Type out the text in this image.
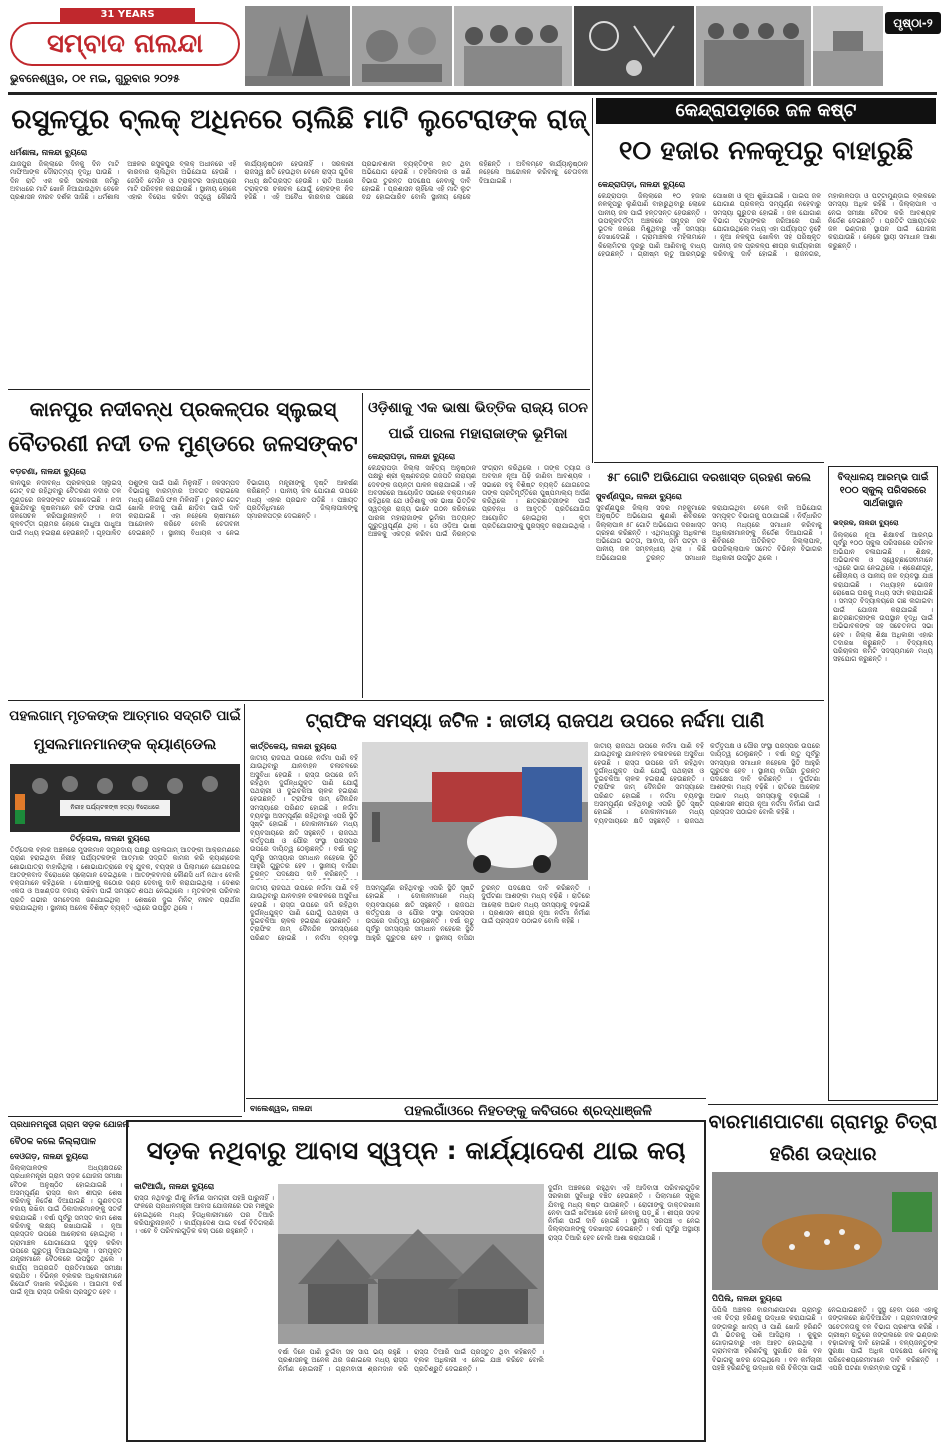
31 YEARS
ସମ୍ବାଦ ନାଲନ୍ଦା
ଭୁବନେଶ୍ୱର, ୦୧ ମଇ, ଗୁରୁବାର ୨୦୨୫
ପୃଷ୍ଠା-୨
ରସୁଳପୁର ବ୍ଲକ୍ ଅଧିନରେ ଚାଲିଛି ମାଟି ଲୁଟେରାଙ୍କ ରାଜ୍
ଧର୍ମଶାଳା, ନାଳନ୍ଦା ବ୍ୟୁରୋ
ଯାଜପୁର ଜିଲ୍ଲାରେ ଦିନକୁ ଦିନ ମାଟି ମାଫିଆଙ୍କ ଦୌରାତ୍ମ୍ୟ ବୃଦ୍ଧି ପାଉଛି । ଦିନ ରାତି ଏକ କରି ସରକାରୀ ଜମିରୁ ଅବାଧରେ ମାଟି ଖୋଳି ନିଆଯାଉଥିବା ବେଳେ ପ୍ରଶାସନ ନୀରବ ଦର୍ଶକ ସାଜିଛି । ଧର୍ମଶାଳା ଅଞ୍ଚଳର ରସୁଳପୁର ବ୍ଲକ୍ ଅଧୀନରେ ଏହି କାରବାର ଚାଲିଥିବା ଅଭିଯୋଗ ହେଉଛି । ଜେସିବି ମେସିନ ଓ ଟ୍ରାକ୍ଟର ସାହାଯ୍ୟରେ ମାଟି ପରିବହନ କରାଯାଉଛି । ସ୍ଥାନୀୟ ଲୋକେ ଏହାର ବିରୋଧ କରିବା ସତ୍ତ୍ୱେ କୌଣସି କାର୍ଯ୍ୟାନୁଷ୍ଠାନ ହେଉନାହିଁ । ସରକାରୀ ରାଜସ୍ୱ କ୍ଷତି ହେଉଥିବା ବେଳେ ରାସ୍ତା ଗୁଡିକ ମଧ୍ୟ କ୍ଷତିଗ୍ରସ୍ତ ହେଉଛି । ରାତି ଅଧରେ ଟ୍ରାକ୍ଟର ଚଳାଚଳ ଯୋଗୁଁ ଲୋକଙ୍କ ନିଦ ହଜିଛି । ଏହି ଅବୈଧ କାରବାର ପଛରେ ପ୍ରଭାବଶାଳୀ ବ୍ୟକ୍ତିଙ୍କ ହାତ ଥିବା ଅଭିଯୋଗ ହେଉଛି । ତହସିଲଦାର ଓ ଖଣି ବିଭାଗ ତୁରନ୍ତ ପଦକ୍ଷେପ ନେବାକୁ ଦାବି ହୋଇଛି । ପ୍ରଶାସନ ଚାହିଁଲେ ଏହି ମାଟି ଲୁଟ ବନ୍ଦ ହୋଇପାରିବ ବୋଲି ସ୍ଥାନୀୟ ଲୋକେ କହିଛନ୍ତି । ଅବିଳମ୍ବେ କାର୍ଯ୍ୟାନୁଷ୍ଠାନ ନହେଲେ ଆନ୍ଦୋଳନ କରିବାକୁ ଚେତାବନୀ ଦିଆଯାଇଛି ।
କେନ୍ଦ୍ରାପଡ଼ାରେ ଜଳ କଷ୍ଟ
୧୦ ହଜାର ନଳକୂପରୁ ବାହାରୁଛି
କେନ୍ଦ୍ରାପଡ଼ା, ନାଳନ୍ଦା ବ୍ୟୁରୋ
କେନ୍ଦ୍ରାପଡ଼ା ଜିଲ୍ଲାରେ ୧୦ ହଜାର ନଳକୂପରୁ ଲୁଣିପାଣି ବାହାରୁଥିବାରୁ ଲୋକେ ପାନୀୟ ଜଳ ପାଇଁ ହନ୍ତସନ୍ତ ହେଉଛନ୍ତି । ଉପକୂଳବର୍ତ୍ତୀ ଅଞ୍ଚଳରେ ସମୁଦ୍ର ଜଳ ଭୂତଳ ଜଳରେ ମିଶୁଥିବାରୁ ଏହି ସମସ୍ୟା ଦେଖାଦେଇଛି । ଗ୍ରାମାଞ୍ଚଳର ମହିଳାମାନେ କିଲୋମିଟର ଦୂରରୁ ପାଣି ଆଣିବାକୁ ବାଧ୍ୟ ହେଉଛନ୍ତି । ଗ୍ରୀଷ୍ମ ଋତୁ ଆରମ୍ଭରୁ ପୋଖରୀ ଓ କୂଅ ଶୁଖିଯାଇଛି । ପାଇପ ଜଳ ଯୋଗାଣ ପ୍ରକଳ୍ପ ସମ୍ପୂର୍ଣ୍ଣ ନହେବାରୁ ସମସ୍ୟା ଗୁରୁତର ହୋଇଛି । ଜଳ ଯୋଗାଣ ବିଭାଗ ଟ୍ୟାଙ୍କର ଜରିଆରେ ପାଣି ଯୋଗାଉଥିଲେ ମଧ୍ୟ ଏହା ପର୍ଯ୍ୟାପ୍ତ ନୁହେଁ । ନୂଆ ନଳକୂପ ଖୋଳିବା ସହ ପରିଷ୍କୃତ ପାନୀୟ ଜଳ ପ୍ରକଳ୍ପ ଶୀଘ୍ର କାର୍ଯ୍ୟକାରୀ କରିବାକୁ ଦାବି ହୋଇଛି । ରାଜନଗର, ମହାକାଳପଡ଼ା ଓ ପଟ୍ଟାମୁଣ୍ଡାଇ ବ୍ଲକରେ ସମସ୍ୟା ଅଧିକ ରହିଛି । ଜିଲ୍ଲାପାଳ ଏ ନେଇ ସମୀକ୍ଷା ବୈଠକ କରି ଆବଶ୍ୟକ ନିର୍ଦ୍ଦେଶ ଦେଇଛନ୍ତି । ପ୍ରତିଟି ପଞ୍ଚାୟତରେ ଜଳ ଭଣ୍ଡାର ସ୍ଥାପନ ପାଇଁ ଯୋଜନା କରାଯାଉଛି । ଲୋକେ ସ୍ଥାୟୀ ସମାଧାନ ଆଶା କରୁଛନ୍ତି ।
କାନପୁର ନଦୀବନ୍ଧ ପ୍ରକଳ୍ପର ସ୍ଲୁଇସ୍
ବୈତରଣୀ ନଦୀ ତଳ ମୁଣ୍ଡରେ ଜଳସଙ୍କଟ
ବଡ଼ଚଣା, ନାଳନ୍ଦା ବ୍ୟୁରୋ
କାନପୁର ନଦୀବନ୍ଧ ପ୍ରକଳ୍ପର ସ୍ଲୁଇସ୍ ଗେଟ୍ ବନ୍ଦ ରହିଥିବାରୁ ବୈତରଣୀ ନଦୀର ତଳ ମୁଣ୍ଡରେ ଜଳସଙ୍କଟ ଦେଖାଦେଇଛି । ନଦୀ ଶୁଖିଯିବାରୁ କୃଷକମାନେ ରବି ଫସଲ ପାଇଁ ଜଳସେଚନ କରିପାରୁନାହାନ୍ତି । ନଦୀ କୂଳବର୍ତ୍ତୀ ଗ୍ରାମର ଲୋକେ ଗାଧୁଆ ପାଧୁଆ ପାଇଁ ମଧ୍ୟ ହଇରାଣ ହେଉଛନ୍ତି । ଗୃହପାଳିତ ପଶୁଙ୍କ ପାଇଁ ପାଣି ମିଳୁନାହିଁ । ଜଳସମ୍ପଦ ବିଭାଗକୁ ବାରମ୍ବାର ଅବଗତ କରାଇଲେ ମଧ୍ୟ କୌଣସି ଫଳ ମିଳିନାହିଁ । ତୁରନ୍ତ ଗେଟ୍ ଖୋଲି ନଦୀକୁ ପାଣି ଛାଡ଼ିବା ପାଇଁ ଦାବି କରାଯାଇଛି । ଏହା ନହେଲେ ଚାଷୀମାନେ ଆନ୍ଦୋଳନ କରିବେ ବୋଲି ଚେତାବନୀ ଦେଇଛନ୍ତି । ସ୍ଥାନୀୟ ବିଧାୟକ ଏ ନେଇ ବିଭାଗୀୟ ମନ୍ତ୍ରୀଙ୍କୁ ଦୃଷ୍ଟି ଆକର୍ଷଣ କରିଛନ୍ତି । ପାନୀୟ ଜଳ ଯୋଗାଣ ଉପରେ ମଧ୍ୟ ଏହାର ପ୍ରଭାବ ପଡ଼ିଛି । ପଞ୍ଚାୟତ ପ୍ରତିନିଧିମାନେ ଜିଲ୍ଲାପାଳଙ୍କୁ ସ୍ମାରକପତ୍ର ଦେଇଛନ୍ତି ।
ଓଡ଼ିଶାକୁ ଏକ ଭାଷା ଭିତ୍ତିକ ରାଜ୍ୟ ଗଠନ
ପାଇଁ ପାରଳା ମହାରାଜାଙ୍କ ଭୂମିକା
କେନ୍ଦ୍ରାପଡ଼ା, ନାଳନ୍ଦା ବ୍ୟୁରୋ
କେନ୍ଦ୍ରାପଡ଼ା ଜିଲ୍ଲା ସାହିତ୍ୟ ଅନୁଷ୍ଠାନ ପକ୍ଷରୁ ଶ୍ରୀ କୃଷ୍ଣଚନ୍ଦ୍ର ଗଜପତି ନାରାୟଣ ଦେବଙ୍କ ଜୟନ୍ତୀ ପାଳନ କରାଯାଇଛି । ଏହି ଅବସରରେ ଆୟୋଜିତ ସଭାରେ ବକ୍ତାମାନେ କହିଥିଲେ ଯେ ଓଡ଼ିଶାକୁ ଏକ ଭାଷା ଭିତ୍ତିକ ସ୍ୱତନ୍ତ୍ର ରାଜ୍ୟ ଭାବେ ଗଠନ କରିବାରେ ପାରଳା ମହାରାଜାଙ୍କ ଭୂମିକା ଅତ୍ୟନ୍ତ ଗୁରୁତ୍ୱପୂର୍ଣ୍ଣ ଥିଲା । ସେ ଓଡ଼ିଆ ଭାଷୀ ଅଞ୍ଚଳକୁ ଏକତ୍ର କରିବା ପାଇଁ ନିରନ୍ତର ସଂଗ୍ରାମ କରିଥିଲେ । ତାଙ୍କ ତ୍ୟାଗ ଓ ଅବଦାନ ନୂଆ ପିଢ଼ି ଜାଣିବା ଆବଶ୍ୟକ । ସଭାରେ ବହୁ ବିଶିଷ୍ଟ ବ୍ୟକ୍ତି ଯୋଗଦେଇ ତାଙ୍କ ପ୍ରତିମୂର୍ତ୍ତିରେ ପୁଷ୍ପମାଲ୍ୟ ଅର୍ପଣ କରିଥିଲେ । ଛାତ୍ରଛାତ୍ରୀଙ୍କ ପାଇଁ ପ୍ରବନ୍ଧ ଓ ଆବୃତ୍ତି ପ୍ରତିଯୋଗିତା ଆୟୋଜିତ ହୋଇଥିଲା । କୃତୀ ପ୍ରତିଯୋଗୀଙ୍କୁ ପୁରସ୍କୃତ କରାଯାଇଥିଲା ।
୫୮ ଗୋଟି ଅଭିଯୋଗ ଦରଖାସ୍ତ ଗ୍ରହଣ କଲେ
ସୁବର୍ଣ୍ଣପୁର, ନାଳନ୍ଦା ବ୍ୟୁରୋ
ସୁବର୍ଣ୍ଣପୁର ଜିଲ୍ଲା ସଦର ମହକୁମାରେ ଅନୁଷ୍ଠିତ ଅଭିଯୋଗ ଶୁଣାଣି ଶିବିରରେ ଜିଲ୍ଲାପାଳ ୫୮ ଗୋଟି ଅଭିଯୋଗ ଦରଖାସ୍ତ ଗ୍ରହଣ କରିଛନ୍ତି । ଏଥିମଧ୍ୟରୁ ଅଧିକାଂଶ ଅଭିଯୋଗ ଭତ୍ତା, ଆବାସ, ଜମି ପଟ୍ଟା ଓ ପାନୀୟ ଜଳ ସମ୍ବନ୍ଧୀୟ ଥିଲା । କିଛି ଅଭିଯୋଗର ତୁରନ୍ତ ସମାଧାନ କରାଯାଇଥିବା ବେଳେ ବାକି ଅଭିଯୋଗ ସମ୍ପୃକ୍ତ ବିଭାଗକୁ ପଠାଯାଇଛି । ନିର୍ଦ୍ଧାରିତ ସମୟ ମଧ୍ୟରେ ସମାଧାନ କରିବାକୁ ଅଧିକାରୀମାନଙ୍କୁ ନିର୍ଦ୍ଦେଶ ଦିଆଯାଇଛି । ଶିବିରରେ ଅତିରିକ୍ତ ଜିଲ୍ଲାପାଳ, ଉପଜିଲ୍ଲାପାଳ ସମେତ ବିଭିନ୍ନ ବିଭାଗର ଅଧିକାରୀ ଉପସ୍ଥିତ ଥିଲେ ।
ବିଦ୍ଧାଳୟ ଆରମ୍ଭ ପାଇଁ ୧୦୦ ସ୍କୁଲ୍ ପରିସରରେ ସାର୍ଥକାସ୍ଥାନ
ଭଦ୍ରକ, ନାଳନ୍ଦା ବ୍ୟୁରୋ
ଜିଲ୍ଲାରେ ନୂଆ ଶିକ୍ଷାବର୍ଷ ଆରମ୍ଭ ପୂର୍ବରୁ ୧୦୦ ସ୍କୁଲ ପରିସରରେ ପରିମଳ ଅଭିଯାନ ଚଳାଯାଇଛି । ଶିକ୍ଷକ, ଅଭିଭାବକ ଓ ସ୍ୱେଚ୍ଛାସେବୀମାନେ ଏଥିରେ ଭାଗ ନେଇଥିଲେ । ଶ୍ରେଣୀଗୃହ, ଶୌଚାଳୟ ଓ ପାନୀୟ ଜଳ ବ୍ୟବସ୍ଥା ଯାଞ୍ଚ କରାଯାଇଛି । ମଧ୍ୟାହ୍ନ ଭୋଜନ ରୋଷେଇ ଘରକୁ ମଧ୍ୟ ସଫା କରାଯାଇଛି । ସମସ୍ତ ବିଦ୍ୟାଳୟରେ ଗଛ ଲଗାଇବା ପାଇଁ ଯୋଜନା କରାଯାଇଛି । ଛାତ୍ରଛାତ୍ରୀଙ୍କ ଉପସ୍ଥାନ ବୃଦ୍ଧି ପାଇଁ ଅଭିଭାବକଙ୍କ ସହ ସଚେତନତା ସଭା ହେବ । ଜିଲ୍ଲା ଶିକ୍ଷା ଅଧିକାରୀ ଏହାର ତଦାରଖ କରୁଛନ୍ତି । ବିଦ୍ୟାଳୟ ପରିଚାଳନା କମିଟି ସଦସ୍ୟମାନେ ମଧ୍ୟ ସହଯୋଗ କରୁଛନ୍ତି ।
ପହଲଗାମ୍ ମୃତକଙ୍କ ଆତ୍ମାର ସଦ୍‌ଗତି ପାଇଁ
ମୁସଲମାନମାନଙ୍କ କ୍ୟାଣ୍ଡେଲ
ନିରୀହ ପର୍ଯ୍ୟଟକଙ୍କ ହତ୍ୟା ବିରୋଧରେ
ତିର୍ତ୍ତୋଲ, ନାଳନ୍ଦା ବ୍ୟୁରୋ
ତିର୍ତ୍ତୋଲ ବ୍ଲକ ଅଞ୍ଚଳରେ ମୁସଲମାନ ସମ୍ପ୍ରଦାୟ ପକ୍ଷରୁ ପହଲଗାମ୍ ଆତଙ୍କୀ ଆକ୍ରମଣରେ ପ୍ରାଣ ହରାଇଥିବା ନିରୀହ ପର୍ଯ୍ୟଟକଙ୍କ ଆତ୍ମାର ସଦ୍‌ଗତି କାମନା କରି କ୍ୟାଣ୍ଡେଲ ଶୋଭାଯାତ୍ରା ବାହାରିଥିଲା । ଶୋଭାଯାତ୍ରାରେ ବହୁ ଯୁବକ, ବୟସ୍କ ଓ ପିଲାମାନେ ଯୋଗଦେଇ ଆତଙ୍କବାଦ ବିରୋଧରେ ସ୍ଲୋଗାନ ଦେଇଥିଲେ । ଆତଙ୍କବାଦର କୌଣସି ଧର୍ମ ନଥାଏ ବୋଲି ବକ୍ତାମାନେ କହିଥିଲେ । ଦୋଷୀଙ୍କୁ କଠୋର ଦଣ୍ଡ ଦେବାକୁ ଦାବି କରାଯାଇଥିଲା । ଦେଶର ଏକତା ଓ ଅଖଣ୍ଡତା ବଜାୟ ରଖିବା ପାଇଁ ସମସ୍ତେ ଶପଥ ନେଇଥିଲେ । ମୃତକଙ୍କ ପରିବାର ପ୍ରତି ଗଭୀର ସମବେଦନା ଜଣାଯାଇଥିଲା । ଶେଷରେ ଦୁଇ ମିନିଟ୍ ନୀରବ ପ୍ରାର୍ଥନା କରାଯାଇଥିଲା । ସ୍ଥାନୀୟ ଅନେକ ବିଶିଷ୍ଟ ବ୍ୟକ୍ତି ଏଥିରେ ଉପସ୍ଥିତ ଥିଲେ ।
ଟ୍ରାଫିକ ସମସ୍ୟା ଜଟିଳ : ଜାତୀୟ ରାଜପଥ ଉପରେ ନର୍ଦ୍ଦମା ପାଣି
କାର୍ତ୍ତିକେୟ, ନାଳନ୍ଦା ବ୍ୟୁରୋ
ଜାତୀୟ ରାଜପଥ ଉପରେ ନର୍ଦ୍ଦମା ପାଣି ବହି ଯାଉଥିବାରୁ ଯାନବାହନ ଚଳାଚଳରେ ଅସୁବିଧା ହେଉଛି । ରାସ୍ତା ଉପରେ ଜମି ରହିଥିବା ଦୁର୍ଗନ୍ଧଯୁକ୍ତ ପାଣି ଯୋଗୁଁ ପଥଚାରୀ ଓ ଦୁଇଚକିଆ ଚାଳକ ହଇରାଣ ହେଉଛନ୍ତି । ଟ୍ରାଫିକ ଜାମ୍ ଦୈନନ୍ଦିନ ସମସ୍ୟାରେ ପରିଣତ ହୋଇଛି । ନର୍ଦ୍ଦମା ବ୍ୟବସ୍ଥା ଅସମ୍ପୂର୍ଣ୍ଣ ରହିଥିବାରୁ ଏପରି ସ୍ଥିତି ସୃଷ୍ଟି ହୋଇଛି । ଦୋକାନୀମାନେ ମଧ୍ୟ ବ୍ୟବସାୟରେ କ୍ଷତି ସହୁଛନ୍ତି । ରାଜପଥ କର୍ତ୍ତୃପକ୍ଷ ଓ ପୌର ସଂସ୍ଥା ପରସ୍ପର ଉପରେ ଦାୟିତ୍ୱ ଠେଲୁଛନ୍ତି । ବର୍ଷା ଋତୁ ପୂର୍ବରୁ ସମସ୍ୟାର ସମାଧାନ ନହେଲେ ସ୍ଥିତି ଆହୁରି ଗୁରୁତର ହେବ । ସ୍ଥାନୀୟ ବାସିନ୍ଦା ତୁରନ୍ତ ପଦକ୍ଷେପ ଦାବି କରିଛନ୍ତି ।
ଜାତୀୟ ରାଜପଥ ଉପରେ ନର୍ଦ୍ଦମା ପାଣି ବହି ଯାଉଥିବାରୁ ଯାନବାହନ ଚଳାଚଳରେ ଅସୁବିଧା ହେଉଛି । ରାସ୍ତା ଉପରେ ଜମି ରହିଥିବା ଦୁର୍ଗନ୍ଧଯୁକ୍ତ ପାଣି ଯୋଗୁଁ ପଥଚାରୀ ଓ ଦୁଇଚକିଆ ଚାଳକ ହଇରାଣ ହେଉଛନ୍ତି । ଟ୍ରାଫିକ ଜାମ୍ ଦୈନନ୍ଦିନ ସମସ୍ୟାରେ ପରିଣତ ହୋଇଛି । ନର୍ଦ୍ଦମା ବ୍ୟବସ୍ଥା ଅସମ୍ପୂର୍ଣ୍ଣ ରହିଥିବାରୁ ଏପରି ସ୍ଥିତି ସୃଷ୍ଟି ହୋଇଛି । ଦୋକାନୀମାନେ ମଧ୍ୟ ବ୍ୟବସାୟରେ କ୍ଷତି ସହୁଛନ୍ତି । ରାଜପଥ କର୍ତ୍ତୃପକ୍ଷ ଓ ପୌର ସଂସ୍ଥା ପରସ୍ପର ଉପରେ ଦାୟିତ୍ୱ ଠେଲୁଛନ୍ତି । ବର୍ଷା ଋତୁ ପୂର୍ବରୁ ସମସ୍ୟାର ସମାଧାନ ନହେଲେ ସ୍ଥିତି ଆହୁରି ଗୁରୁତର ହେବ । ସ୍ଥାନୀୟ ବାସିନ୍ଦା ତୁରନ୍ତ ପଦକ୍ଷେପ ଦାବି କରିଛନ୍ତି । ଦୁର୍ଘଟଣା ଆଶଙ୍କା ମଧ୍ୟ ବଢ଼ିଛି । ରାତିରେ ଆଲୋକ ଅଭାବ ମଧ୍ୟ ସମସ୍ୟାକୁ ବଢ଼ାଇଛି । ପ୍ରଶାସନ ଶୀଘ୍ର ନୂଆ ନର୍ଦ୍ଦମା ନିର୍ମାଣ ପାଇଁ ପ୍ରସ୍ତାବ ପଠାଇବ ବୋଲି କହିଛି ।
ଜାତୀୟ ରାଜପଥ ଉପରେ ନର୍ଦ୍ଦମା ପାଣି ବହି ଯାଉଥିବାରୁ ଯାନବାହନ ଚଳାଚଳରେ ଅସୁବିଧା ହେଉଛି । ରାସ୍ତା ଉପରେ ଜମି ରହିଥିବା ଦୁର୍ଗନ୍ଧଯୁକ୍ତ ପାଣି ଯୋଗୁଁ ପଥଚାରୀ ଓ ଦୁଇଚକିଆ ଚାଳକ ହଇରାଣ ହେଉଛନ୍ତି । ଟ୍ରାଫିକ ଜାମ୍ ଦୈନନ୍ଦିନ ସମସ୍ୟାରେ ପରିଣତ ହୋଇଛି । ନର୍ଦ୍ଦମା ବ୍ୟବସ୍ଥା ଅସମ୍ପୂର୍ଣ୍ଣ ରହିଥିବାରୁ ଏପରି ସ୍ଥିତି ସୃଷ୍ଟି ହୋଇଛି । ଦୋକାନୀମାନେ ମଧ୍ୟ ବ୍ୟବସାୟରେ କ୍ଷତି ସହୁଛନ୍ତି । ରାଜପଥ କର୍ତ୍ତୃପକ୍ଷ ଓ ପୌର ସଂସ୍ଥା ପରସ୍ପର ଉପରେ ଦାୟିତ୍ୱ ଠେଲୁଛନ୍ତି । ବର୍ଷା ଋତୁ ପୂର୍ବରୁ ସମସ୍ୟାର ସମାଧାନ ନହେଲେ ସ୍ଥିତି ଆହୁରି ଗୁରୁତର ହେବ । ସ୍ଥାନୀୟ ବାସିନ୍ଦା ତୁରନ୍ତ ପଦକ୍ଷେପ ଦାବି କରିଛନ୍ତି । ଦୁର୍ଘଟଣା ଆଶଙ୍କା ମଧ୍ୟ ବଢ଼ିଛି । ରାତିରେ ଆଲୋକ ଅଭାବ ମଧ୍ୟ ସମସ୍ୟାକୁ ବଢ଼ାଇଛି । ପ୍ରଶାସନ ଶୀଘ୍ର ନୂଆ ନର୍ଦ୍ଦମା ନିର୍ମାଣ ପାଇଁ ପ୍ରସ୍ତାବ ପଠାଇବ ବୋଲି କହିଛି ।
ବାଲେଶ୍ୱର, ନାଳନ୍ଦା	ପହଲଗାଁଓରେ ନିହତଙ୍କୁ କବିତାରେ ଶ୍ରଦ୍ଧାଞ୍ଜଳି	ବାରମାଣପାଟଣା ଗ୍ରାମରୁ ଚିତ୍ରା ହରିଣ ଉଦ୍ଧାର
ପ୍ରଧାନମନ୍ତ୍ରୀ ଗ୍ରାମ ସଡ଼କ ଯୋଜନା
ବୈଠକ କଲେ ଜିଲ୍ଲାପାଳ
ଦେଓଗଡ଼, ନାଳନ୍ଦା ବ୍ୟୁରୋ
ଜିଲ୍ଲାପାଳଙ୍କ ଅଧ୍ୟକ୍ଷତାରେ ପ୍ରଧାନମନ୍ତ୍ରୀ ଗ୍ରାମ ସଡ଼କ ଯୋଜନା ସମୀକ୍ଷା ବୈଠକ ଅନୁଷ୍ଠିତ ହୋଇଯାଇଛି । ଅସମ୍ପୂର୍ଣ୍ଣ ରାସ୍ତା କାମ ଶୀଘ୍ର ଶେଷ କରିବାକୁ ନିର୍ଦ୍ଦେଶ ଦିଆଯାଇଛି । ଗୁଣବତ୍ତା ବଜାୟ ରଖିବା ପାଇଁ ଠିକାଦାରମାନଙ୍କୁ ସତର୍କ କରାଯାଇଛି । ବର୍ଷା ପୂର୍ବରୁ ସମସ୍ତ କାମ ଶେଷ କରିବାକୁ ଲକ୍ଷ୍ୟ ରଖାଯାଇଛି । ନୂଆ ପ୍ରସ୍ତାବ ଉପରେ ଆଲୋଚନା ହୋଇଥିଲା । ଗ୍ରାମାଞ୍ଚଳ ଯୋଗାଯୋଗ ସୁଦୃଢ଼ କରିବା ଉପରେ ଗୁରୁତ୍ୱ ଦିଆଯାଇଥିଲା । ସମ୍ପୃକ୍ତ ଯନ୍ତ୍ରୀମାନେ ବୈଠକରେ ଉପସ୍ଥିତ ଥିଲେ । କାର୍ଯ୍ୟ ଅଗ୍ରଗତି ପ୍ରତିମାସରେ ସମୀକ୍ଷା କରାଯିବ । ବିଭିନ୍ନ ବ୍ଲକର ଅଧିକାରୀମାନେ ରିପୋର୍ଟ ଦାଖଲ କରିଥିଲେ । ଆଗାମୀ ବର୍ଷ ପାଇଁ ନୂଆ ରାସ୍ତା ତାଲିକା ପ୍ରସ୍ତୁତ ହେବ ।
ସଡ଼କ ନଥିବାରୁ ଆବାସ ସ୍ୱପ୍ନ : କାର୍ଯ୍ୟାଦେଶ ଥାଇ କଚା
କାଟିଆଗାଁ, ନାଳନ୍ଦା ବ୍ୟୁରୋ
ରାସ୍ତା ନଥିବାରୁ ଗାଁକୁ ନିର୍ମାଣ ସାମଗ୍ରୀ ପହଞ୍ଚି ପାରୁନାହିଁ । ଫଳରେ ପ୍ରଧାନମନ୍ତ୍ରୀ ଆବାସ ଯୋଜନାରେ ଘର ମଞ୍ଜୁର ହୋଇଥିଲେ ମଧ୍ୟ ହିତାଧିକାରୀମାନେ ଘର ତିଆରି କରିପାରୁନାହାନ୍ତି । କାର୍ଯ୍ୟାଦେଶ ପାଇ ବର୍ଷେ ବିତିଗଲାଣି । ଏବେ ବି ପରିବାରଗୁଡ଼ିକ କଚା ଘରେ ରହୁଛନ୍ତି ।
ବର୍ଷା ଦିନେ ପାଣି ଚୁଇଁବା ସହ ସାପ ଭୟ ରହୁଛି । ପ୍ରଶାସନକୁ ଅନେକ ଥର ଜଣାଇଲେ ମଧ୍ୟ ରାସ୍ତା ନିର୍ମାଣ ହୋଇନାହିଁ । ଗ୍ରାମବାସୀ ଶ୍ରମଦାନ କରି ରାସ୍ତା ତିଆରି ପାଇଁ ପ୍ରସ୍ତୁତ ଥିବା କହିଛନ୍ତି । ବ୍ଲକ ଅଧିକାରୀ ଏ ନେଇ ଯାଞ୍ଚ କରିବେ ବୋଲି ପ୍ରତିଶ୍ରୁତି ଦେଇଛନ୍ତି ।
ଦୁର୍ଗମ ଅଞ୍ଚଳରେ ରହୁଥିବା ଏହି ଆଦିବାସୀ ପରିବାରଗୁଡ଼ିକ ସରକାରୀ ସୁବିଧାରୁ ବଞ୍ଚିତ ହେଉଛନ୍ତି । ପିଲାମାନେ ସ୍କୁଲ ଯିବାକୁ ମଧ୍ୟ କଷ୍ଟ ପାଉଛନ୍ତି । ରୋଗୀଙ୍କୁ ଡାକ୍ତରଖାନା ନେବା ପାଇଁ ଖଟିଆରେ ବୋହି ନେବାକୁ ପଡ଼ୁଛି । ଶୀଘ୍ର ସଡ଼କ ନିର୍ମାଣ ପାଇଁ ଦାବି ହୋଇଛି । ସ୍ଥାନୀୟ ସରପଞ୍ଚ ଏ ନେଇ ଜିଲ୍ଲାପାଳଙ୍କୁ ଦରଖାସ୍ତ ଦେଇଛନ୍ତି । ବର୍ଷା ପୂର୍ବରୁ ଅସ୍ଥାୟୀ ରାସ୍ତା ତିଆରି ହେବ ବୋଲି ଆଶା କରାଯାଉଛି ।
ପିପିଲି, ନାଳନ୍ଦା ବ୍ୟୁରୋ
ପିପିଲି ଅଞ୍ଚଳର ବାରମାଣପାଟଣା ଗ୍ରାମରୁ ଏକ ଚିତ୍ରା ହରିଣକୁ ଉଦ୍ଧାର କରାଯାଇଛି । ଜଙ୍ଗଲରୁ ଖାଦ୍ୟ ଓ ପାଣି ଖୋଜି ହରିଣଟି ଗାଁ ଭିତରକୁ ପଶି ଆସିଥିଲା । କୁକୁର ଗୋଡ଼ାଇବାରୁ ଏହା ଆହତ ହୋଇଥିଲା । ଗ୍ରାମବାସୀ ହରିଣଟିକୁ ସୁରକ୍ଷିତ ରଖି ବନ ବିଭାଗକୁ ଖବର ଦେଇଥିଲେ । ବନ କର୍ମଚାରୀ ପହଞ୍ଚି ହରିଣଟିକୁ ଉଦ୍ଧାର କରି ଚିକିତ୍ସା ପାଇଁ ନେଇଯାଇଛନ୍ତି । ସୁସ୍ଥ ହେବା ପରେ ଏହାକୁ ଜଙ୍ଗଲରେ ଛାଡ଼ିଦିଆଯିବ । ଗ୍ରାମବାସୀଙ୍କ ସଚେତନତାକୁ ବନ ବିଭାଗ ପ୍ରଶଂସା କରିଛି । ଗ୍ରୀଷ୍ମ ଋତୁରେ ଜଙ୍ଗଲରେ ଜଳ ଭଣ୍ଡାର ବଢ଼ାଇବାକୁ ଦାବି ହୋଇଛି । ବନ୍ୟଜନ୍ତୁଙ୍କ ସୁରକ୍ଷା ପାଇଁ ଅଧିକ ପଦକ୍ଷେପ ନେବାକୁ ପରିବେଶପ୍ରେମୀମାନେ ଦାବି କରିଛନ୍ତି । ଏପରି ଘଟଣା ବାରମ୍ବାର ଘଟୁଛି ।
